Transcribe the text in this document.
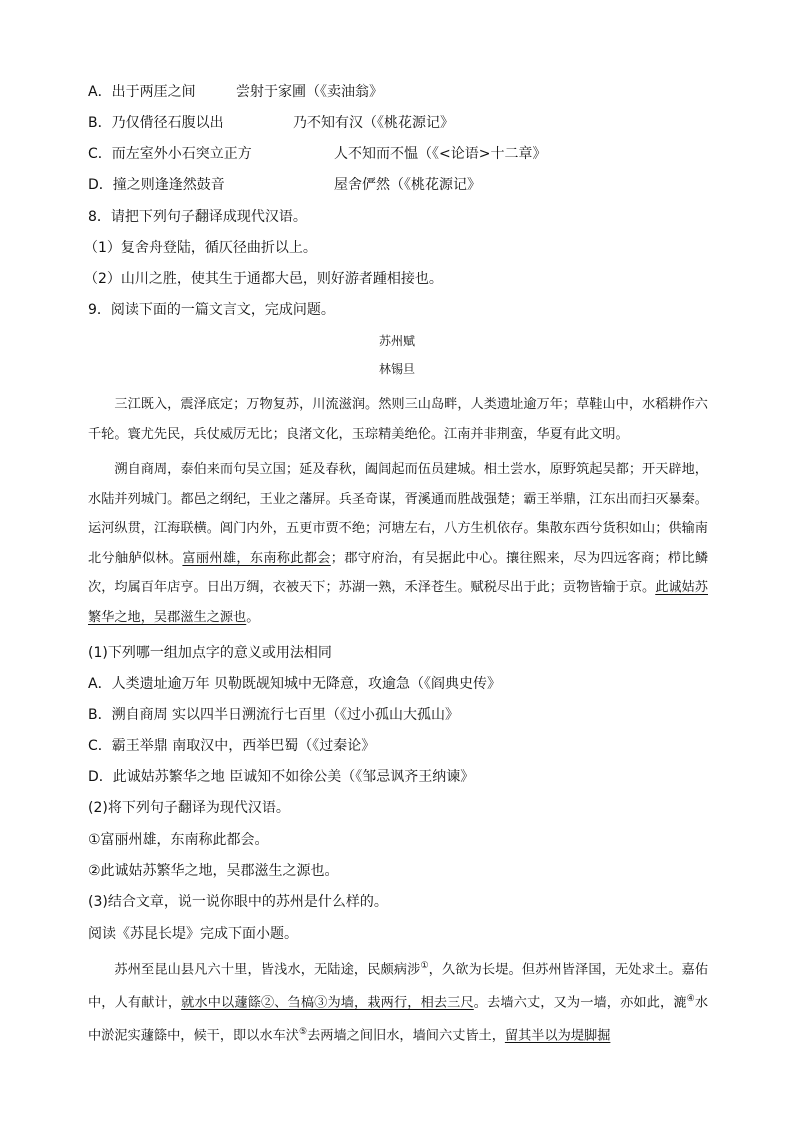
A．出于两厓之间	尝射于家圃（《卖油翁》
B．乃仅偝径石腹以出	乃不知有汉（《桃花源记》
C．而左室外小石突立正方	人不知而不愠（《<论语>十二章》
D．撞之则逢逢然鼓音	屋舍俨然（《桃花源记》
8．请把下列句子翻译成现代汉语。
（1）复舍舟登陆，循仄径曲折以上。
（2）山川之胜，使其生于通都大邑，则好游者踵相接也。
9．阅读下面的一篇文言文，完成问题。
苏州赋
林锡旦
三江既入，震泽底定；万物复苏，川流滋润。然则三山岛畔，人类遗址逾万年；草鞋山中，水稻耕作六千轮。寰尤先民，兵仗威厉无比；良渚文化，玉琮精美绝伦。江南并非荆蛮，华夏有此文明。
溯自商周，泰伯来而句吴立国；延及春秋，阖闾起而伍员建城。相土尝水，原野筑起吴都；开天辟地，水陆并列城门。都邑之纲纪，王业之藩屏。兵圣奇谋，胥溪通而胜战强楚；霸王举鼎，江东出而扫灭暴秦。运河纵贯，江海联横。阊门内外，五更市贾不绝；河塘左右，八方生机依存。集散东西兮货积如山；供输南北兮舳舻似林。富丽州雄，东南称此都会；郡守府治，有吴据此中心。攘往熙来，尽为四远客商；栉比鳞次，均属百年店亨。日出万绸，衣被天下；苏湖一熟，禾泽苍生。赋税尽出于此；贡物皆输于京。此诚姑苏繁华之地，吴郡滋生之源也。
(1)下列哪一组加点字的意义或用法相同
A．人类遗址逾万年 贝勒既觇知城中无降意，攻逾急（《阎典史传》
B．溯自商周 实以四半日溯流行七百里（《过小孤山大孤山》
C．霸王举鼎 南取汉中，西举巴蜀（《过秦论》
D．此诚姑苏繁华之地 臣诚知不如徐公美（《邹忌讽齐王纳谏》
(2)将下列句子翻译为现代汉语。
①富丽州雄，东南称此都会。
②此诚姑苏繁华之地，吴郡滋生之源也。
(3)结合文章，说一说你眼中的苏州是什么样的。
阅读《苏昆长堤》完成下面小题。
苏州至昆山县凡六十里，皆浅水，无陆途，民颇病涉①，久欲为长堤。但苏州皆泽国，无处求土。嘉佑中，人有献计，就水中以蘧篨②、刍槁③为墙，栽两行，相去三尺。去墙六丈，又为一墙，亦如此，漉④水中淤泥实蘧篨中，候干，即以水车汱⑤去两墙之间旧水，墙间六丈皆土，留其半以为堤脚掘
